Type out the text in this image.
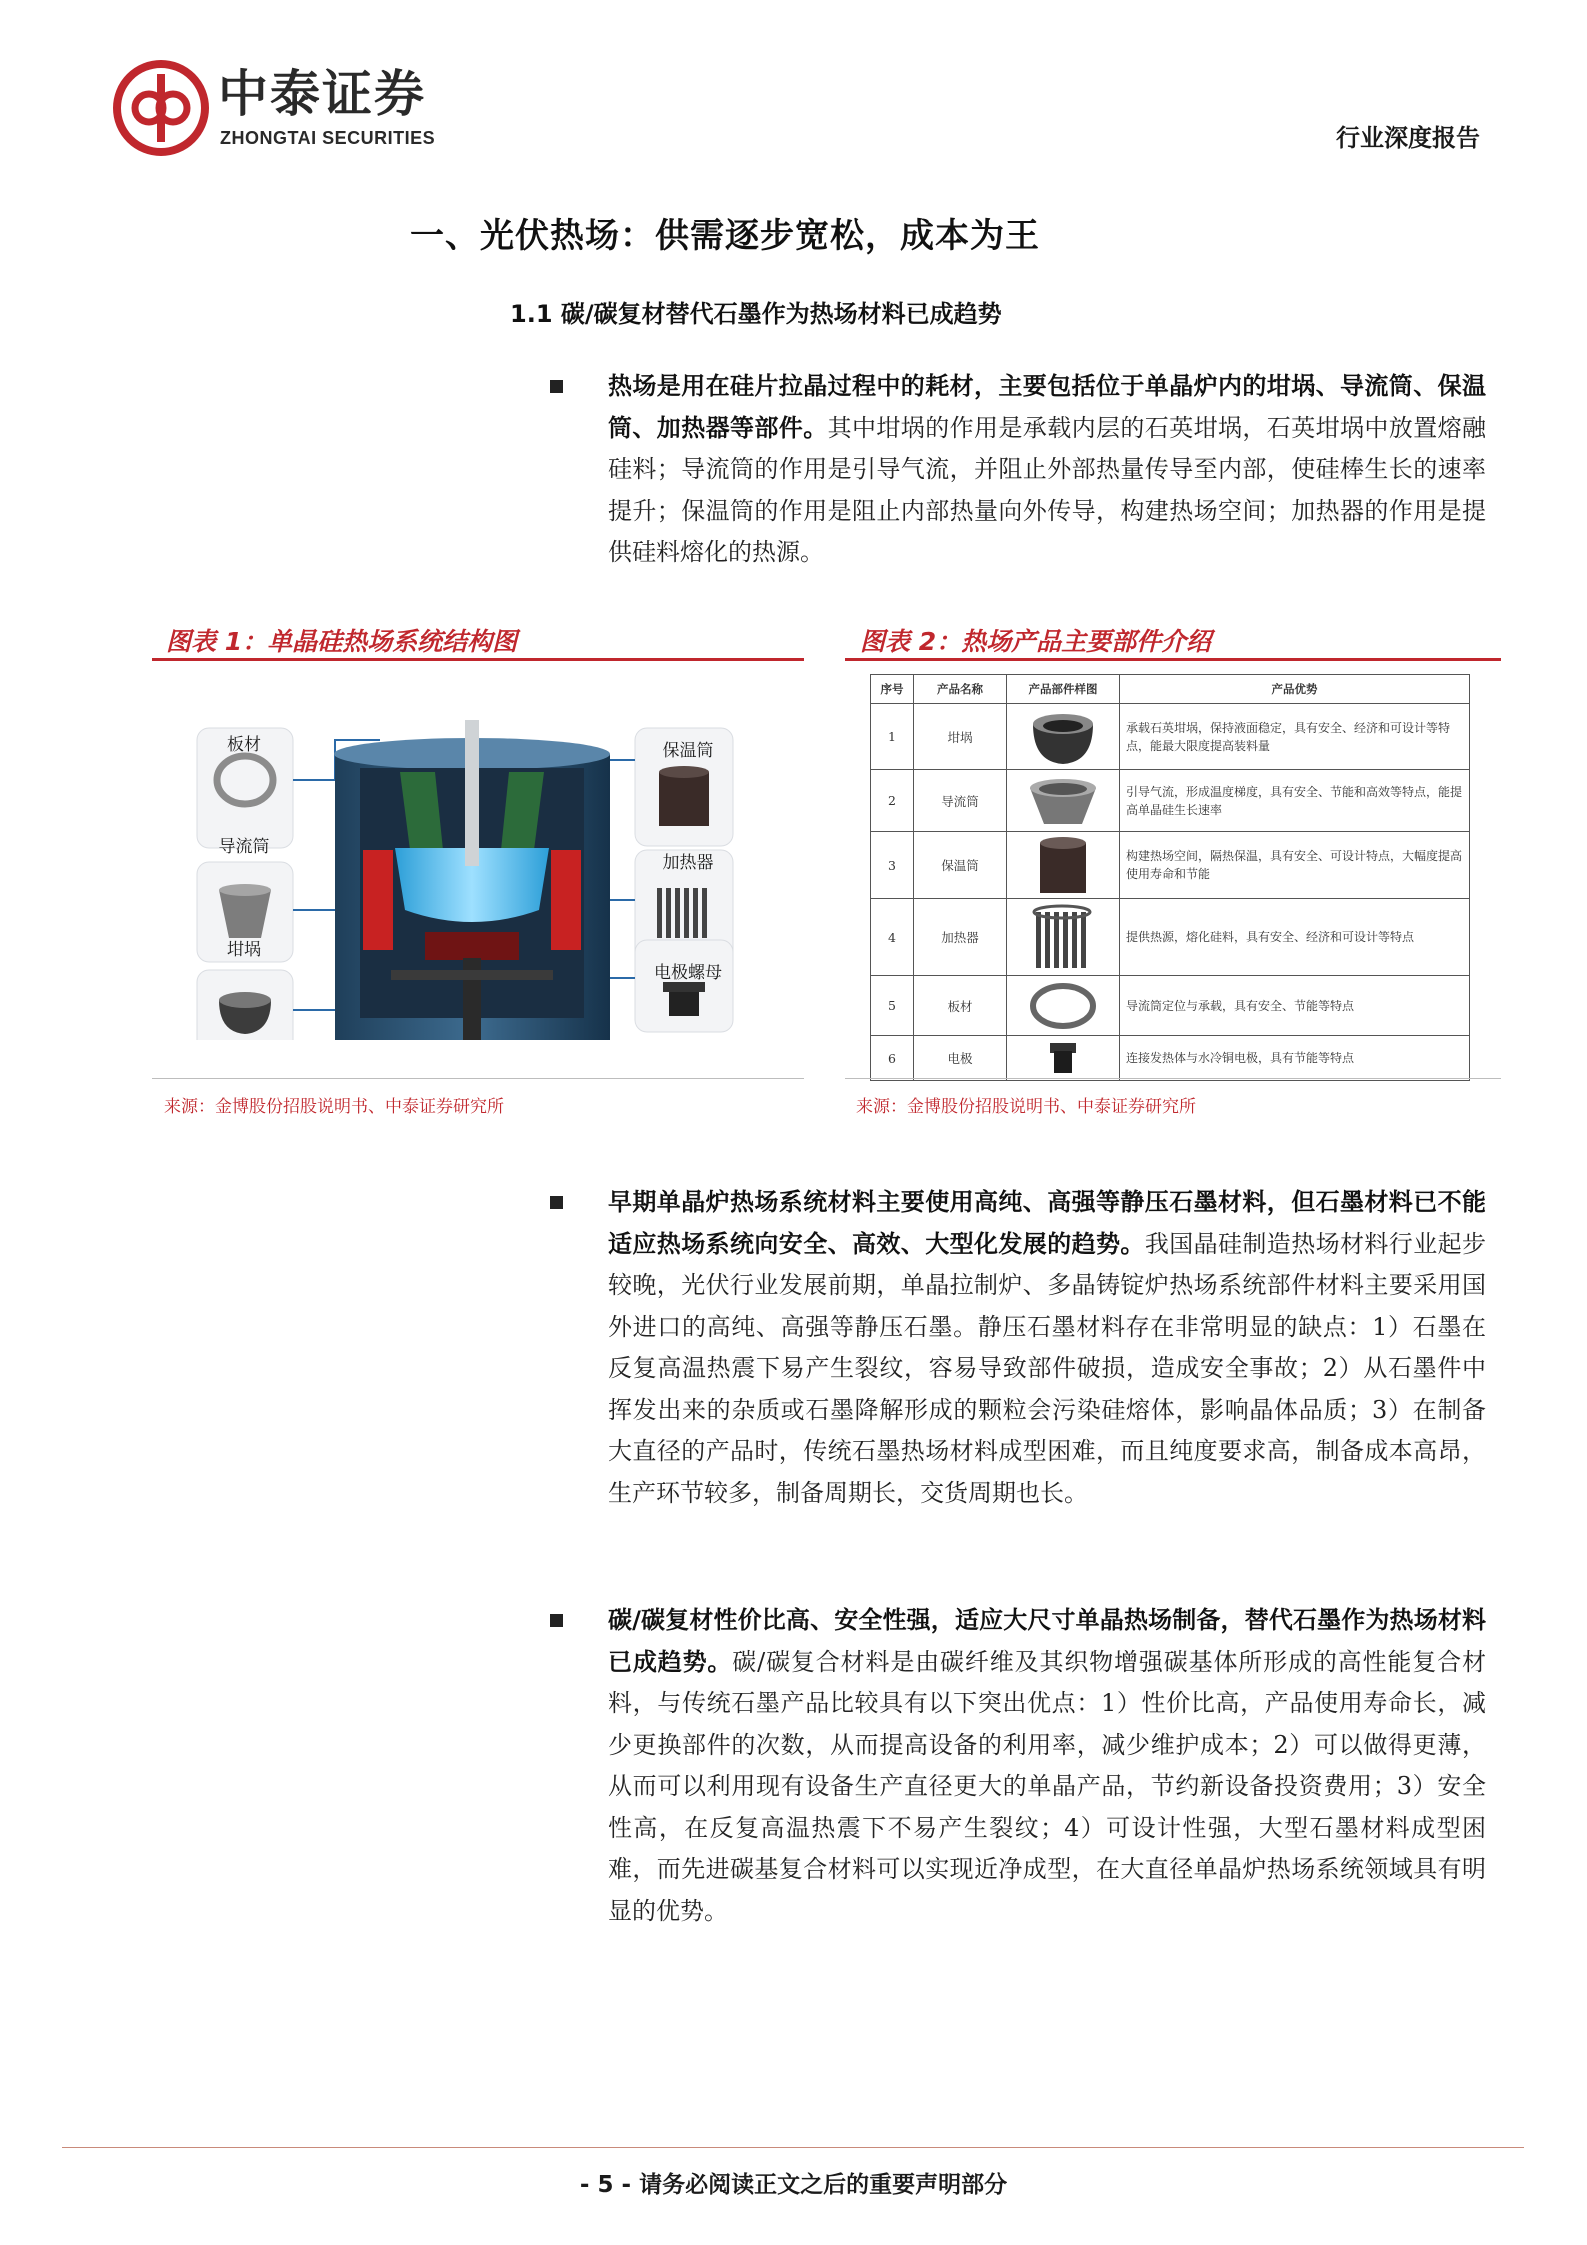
中泰证券
ZHONGTAI SECURITIES	行业深度报告
一、光伏热场：供需逐步宽松，成本为王
1.1 碳/碳复材替代石墨作为热场材料已成趋势
热场是用在硅片拉晶过程中的耗材，主要包括位于单晶炉内的坩埚、导流筒、保温筒、加热器等部件。其中坩埚的作用是承载内层的石英坩埚，石英坩埚中放置熔融硅料；导流筒的作用是引导气流，并阻止外部热量传导至内部，使硅棒生长的速率提升；保温筒的作用是阻止内部热量向外传导，构建热场空间；加热器的作用是提供硅料熔化的热源。
图表 1：单晶硅热场系统结构图
板材
导流筒
坩埚
保温筒
加热器
电极螺母
来源：金博股份招股说明书、中泰证券研究所
图表 2：热场产品主要部件介绍
序号	产品名称	产品部件样图	产品优势
1	坩埚		承载石英坩埚，保持液面稳定，具有安全、经济和可设计等特点，能最大限度提高装料量
2	导流筒		引导气流，形成温度梯度，具有安全、节能和高效等特点，能提高单晶硅生长速率
3	保温筒		构建热场空间，隔热保温，具有安全、可设计特点，大幅度提高使用寿命和节能
4	加热器		提供热源，熔化硅料，具有安全、经济和可设计等特点
5	板材		导流筒定位与承载，具有安全、节能等特点
6	电极		连接发热体与水冷铜电极，具有节能等特点
来源：金博股份招股说明书、中泰证券研究所
早期单晶炉热场系统材料主要使用高纯、高强等静压石墨材料，但石墨材料已不能适应热场系统向安全、高效、大型化发展的趋势。我国晶硅制造热场材料行业起步较晚，光伏行业发展前期，单晶拉制炉、多晶铸锭炉热场系统部件材料主要采用国外进口的高纯、高强等静压石墨。静压石墨材料存在非常明显的缺点：1）石墨在反复高温热震下易产生裂纹，容易导致部件破损，造成安全事故；2）从石墨件中挥发出来的杂质或石墨降解形成的颗粒会污染硅熔体，影响晶体品质；3）在制备大直径的产品时，传统石墨热场材料成型困难，而且纯度要求高，制备成本高昂，生产环节较多，制备周期长，交货周期也长。
碳/碳复材性价比高、安全性强，适应大尺寸单晶热场制备，替代石墨作为热场材料已成趋势。碳/碳复合材料是由碳纤维及其织物增强碳基体所形成的高性能复合材料，与传统石墨产品比较具有以下突出优点：1）性价比高，产品使用寿命长，减少更换部件的次数，从而提高设备的利用率，减少维护成本；2）可以做得更薄，从而可以利用现有设备生产直径更大的单晶产品，节约新设备投资费用；3）安全性高，在反复高温热震下不易产生裂纹；4）可设计性强，大型石墨材料成型困难，而先进碳基复合材料可以实现近净成型，在大直径单晶炉热场系统领域具有明显的优势。
- 5 - 请务必阅读正文之后的重要声明部分
